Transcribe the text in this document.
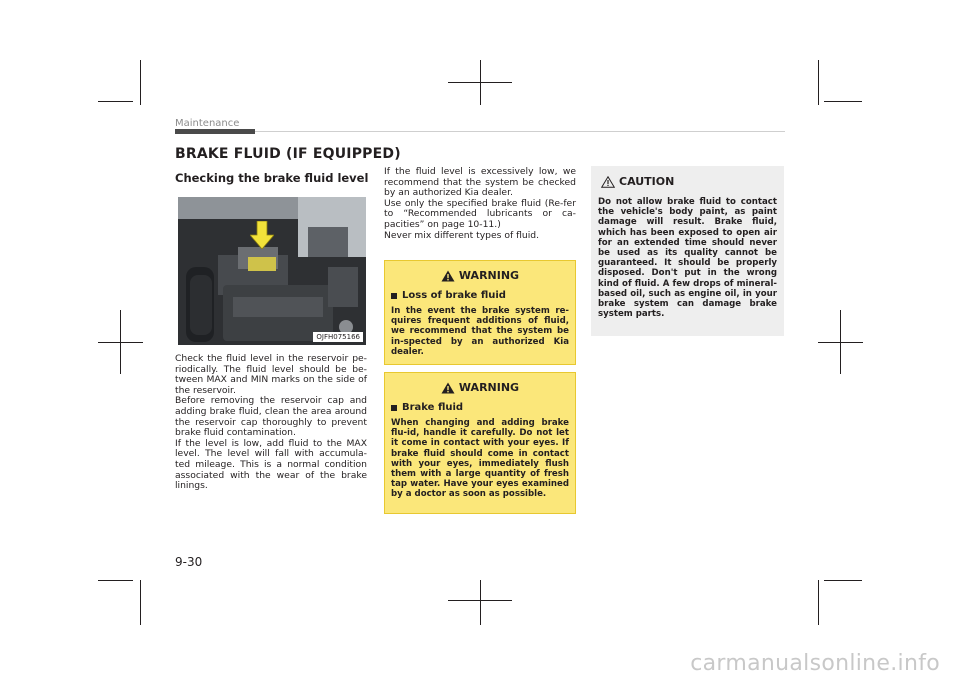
Maintenance
BRAKE FLUID (IF EQUIPPED)
Checking the brake fluid level
OJFH075166

Check the fluid level in the reservoir pe-riodically. The fluid level should be be-tween MAX and MIN marks on the side of the reservoir.

Before removing the reservoir cap and adding brake fluid, clean the area around the reservoir cap thoroughly to prevent brake fluid contamination.

If the level is low, add fluid to the MAX level. The level will fall with accumula-ted mileage. This is a normal condition associated with the wear of the brake linings.

If the fluid level is excessively low, we recommend that the system be checked by an authorized Kia dealer.

Use only the specified brake fluid (Re-fer to “Recommended lubricants or ca-pacities” on page 10-11.)

Never mix different types of fluid.

WARNING
Loss of brake fluid
In the event the brake system re-quires frequent additions of fluid, we recommend that the system be in-spected by an authorized Kia dealer.
WARNING
Brake fluid
When changing and adding brake flu-id, handle it carefully. Do not let it come in contact with your eyes. If brake fluid should come in contact with your eyes, immediately flush them with a large quantity of fresh tap water. Have your eyes examined by a doctor as soon as possible.
CAUTION
Do not allow brake fluid to contact the vehicle's body paint, as paint damage will result. Brake fluid, which has been exposed to open air for an extended time should never be used as its quality cannot be guaranteed. It should be properly disposed. Don't put in the wrong kind of fluid. A few drops of mineral-based oil, such as engine oil, in your brake system can damage brake system parts.
9-30
carmanualsonline.info
